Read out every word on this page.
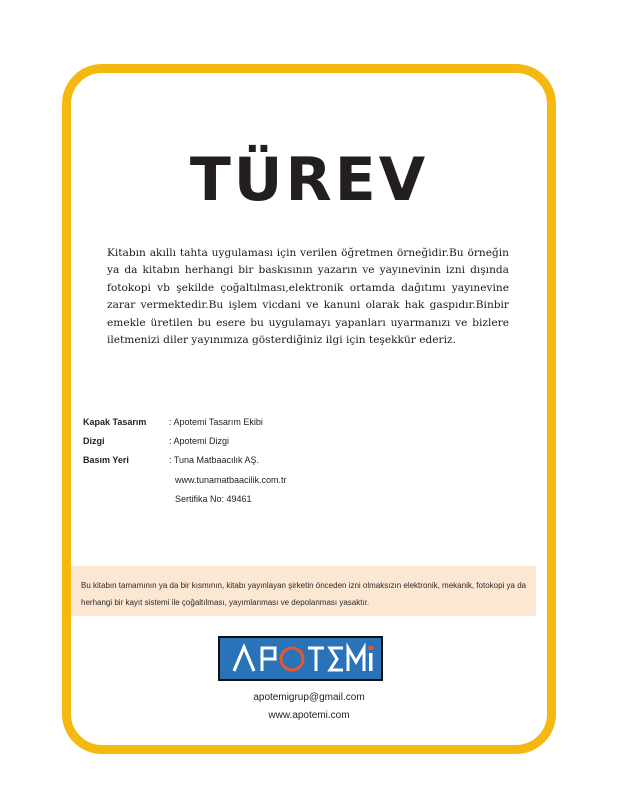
TÜREV

Kitabın akıllı tahta uygulaması için verilen öğretmen örneğidir.Bu örneğin ya da kitabın herhangi bir baskısının yazarın ve yayınevinin izni dışında fotokopi vb şekilde çoğaltılması,elektronik ortamda dağıtımı yayınevine zarar vermektedir.Bu işlem vicdani ve kanuni olarak hak gaspıdır.Binbir emekle üretilen bu esere bu uygulamayı yapanları uyarmanızı ve bizlere iletmenizi diler yayınımıza gösterdiğiniz ilgi için teşekkür ederiz.

Kapak Tasarım	: Apotemi Tasarım Ekibi
Dizgi	: Apotemi Dizgi
Basım Yeri	: Tuna Matbaacılık AŞ.
www.tunamatbaacilik.com.tr
Sertifika No: 49461

Bu kitabın tamamının ya da bir kısmının, kitabı yayınlayan şirketin önceden izni olmaksızın elektronik, mekanik, fotokopi ya da herhangi bir kayıt sistemi ile çoğaltılması, yayımlanması ve depolanması yasaktır.

apotemigrup@gmail.com
www.apotemi.com
